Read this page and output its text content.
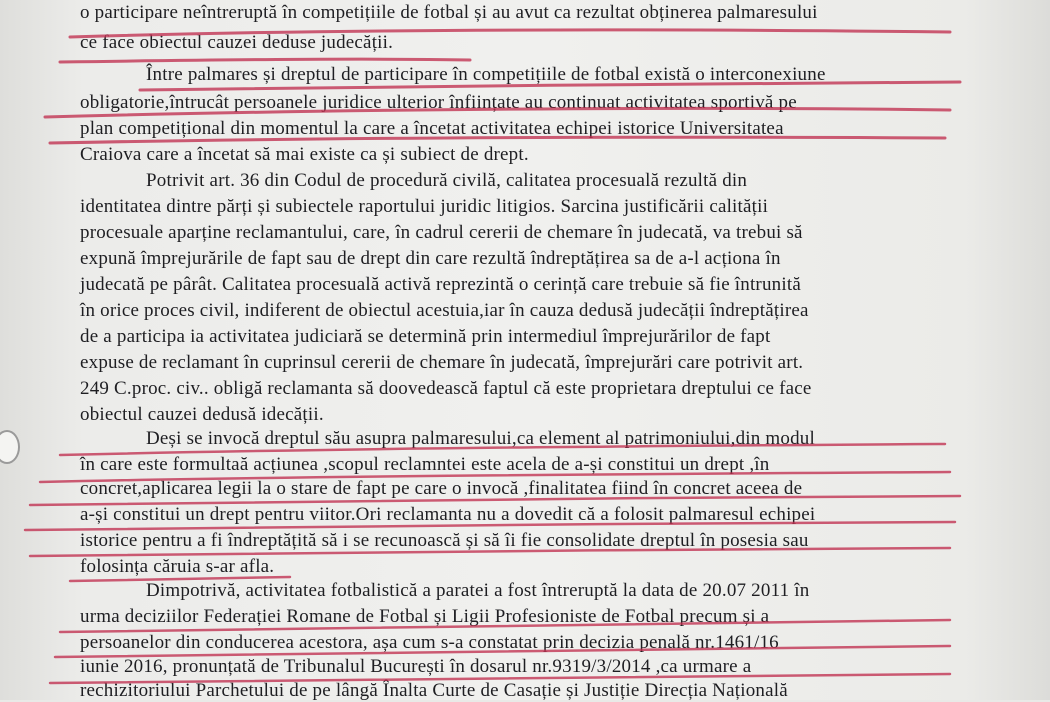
o participare neîntreruptă în competițiile de fotbal și au avut ca rezultat obținerea palmaresului
ce face obiectul cauzei deduse judecății.
Între palmares și dreptul de participare în competițiile de fotbal există o interconexiune
obligatorie,întrucât persoanele juridice ulterior înființate au continuat activitatea sportivă pe
plan competițional din momentul la care a încetat activitatea echipei istorice Universitatea
Craiova care a încetat să mai existe ca și subiect de drept.
Potrivit art. 36 din Codul de procedură civilă, calitatea procesuală rezultă din
identitatea dintre părți și subiectele raportului juridic litigios. Sarcina justificării calității
procesuale aparține reclamantului, care, în cadrul cererii de chemare în judecată, va trebui să
expună împrejurările de fapt sau de drept din care rezultă îndreptățirea sa de a-l acționa în
judecată pe pârât. Calitatea procesuală activă reprezintă o cerință care trebuie să fie întrunită
în orice proces civil, indiferent de obiectul acestuia,iar în cauza dedusă judecății îndreptățirea
de a participa ia activitatea judiciară se determină prin intermediul împrejurărilor de fapt
expuse de reclamant în cuprinsul cererii de chemare în judecată, împrejurări care potrivit art.
249 C.proc. civ.. obligă reclamanta să doovedească faptul că este proprietara dreptului ce face
obiectul cauzei dedusă idecății.
Deși se invocă dreptul său asupra palmaresului,ca element al patrimoniului,din modul
în care este formultaă acțiunea ,scopul reclamntei este acela de a-și constitui un drept ,în
concret,aplicarea legii la o stare de fapt pe care o invocă ,finalitatea fiind în concret aceea de
a-și constitui un drept pentru viitor.Ori reclamanta nu a dovedit că a folosit palmaresul echipei
istorice pentru a fi îndreptățită să i se recunoască și să îi fie consolidate dreptul în posesia sau
folosința căruia s-ar afla.
Dimpotrivă, activitatea fotbalistică a paratei a fost întreruptă la data de 20.07 2011 în
urma deciziilor Federației Romane de Fotbal și Ligii Profesioniste de Fotbal precum și a
persoanelor din conducerea acestora, așa cum s-a constatat prin decizia penală nr.1461/16
iunie 2016, pronunțată de Tribunalul București în dosarul nr.9319/3/2014 ,ca urmare a
rechizitoriului Parchetului de pe lângă Înalta Curte de Casație și Justiție Direcția Națională
